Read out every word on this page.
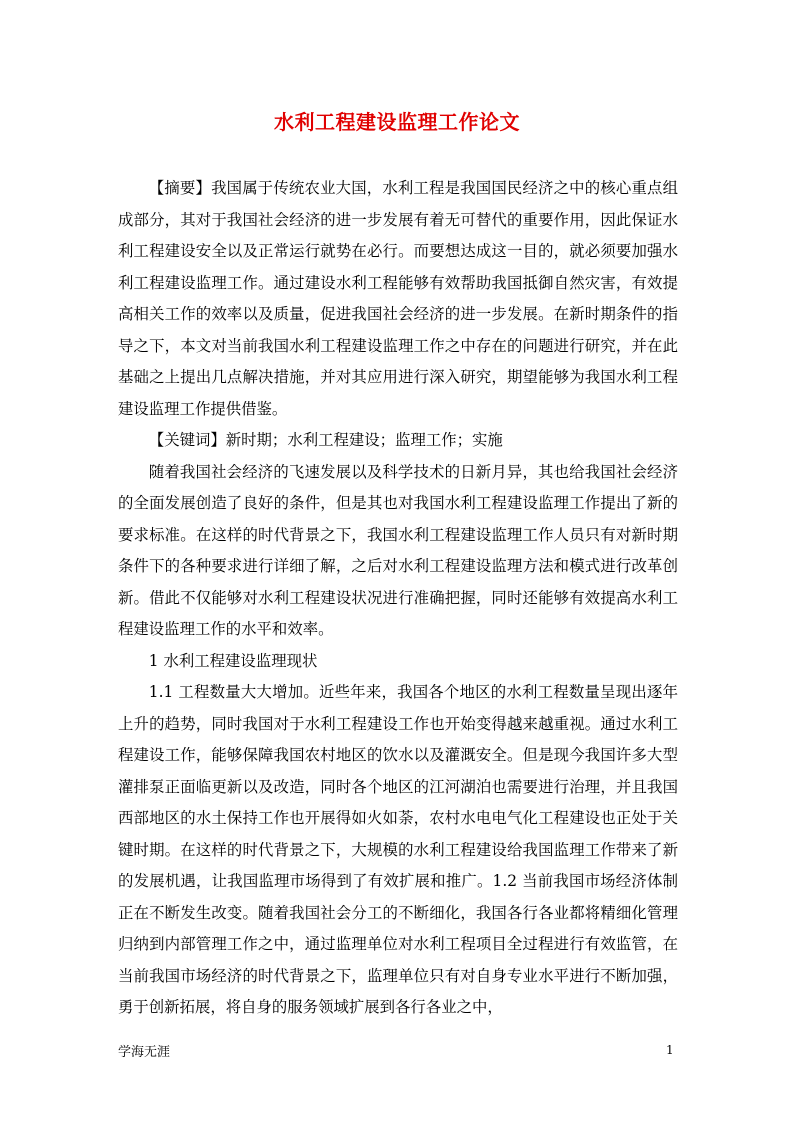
水利工程建设监理工作论文

【摘要】我国属于传统农业大国，水利工程是我国国民经济之中的核心重点组成部分，其对于我国社会经济的进一步发展有着无可替代的重要作用，因此保证水利工程建设安全以及正常运行就势在必行。而要想达成这一目的，就必须要加强水利工程建设监理工作。通过建设水利工程能够有效帮助我国抵御自然灾害，有效提高相关工作的效率以及质量，促进我国社会经济的进一步发展。在新时期条件的指导之下，本文对当前我国水利工程建设监理工作之中存在的问题进行研究，并在此基础之上提出几点解决措施，并对其应用进行深入研究，期望能够为我国水利工程建设监理工作提供借鉴。

【关键词】新时期；水利工程建设；监理工作；实施

随着我国社会经济的飞速发展以及科学技术的日新月异，其也给我国社会经济的全面发展创造了良好的条件，但是其也对我国水利工程建设监理工作提出了新的要求标准。在这样的时代背景之下，我国水利工程建设监理工作人员只有对新时期条件下的各种要求进行详细了解，之后对水利工程建设监理方法和模式进行改革创新。借此不仅能够对水利工程建设状况进行准确把握，同时还能够有效提高水利工程建设监理工作的水平和效率。

1 水利工程建设监理现状

1.1 工程数量大大增加。近些年来，我国各个地区的水利工程数量呈现出逐年上升的趋势，同时我国对于水利工程建设工作也开始变得越来越重视。通过水利工程建设工作，能够保障我国农村地区的饮水以及灌溉安全。但是现今我国许多大型灌排泵正面临更新以及改造，同时各个地区的江河湖泊也需要进行治理，并且我国西部地区的水土保持工作也开展得如火如荼，农村水电电气化工程建设也正处于关键时期。在这样的时代背景之下，大规模的水利工程建设给我国监理工作带来了新的发展机遇，让我国监理市场得到了有效扩展和推广。1.2 当前我国市场经济体制正在不断发生改变。随着我国社会分工的不断细化，我国各行各业都将精细化管理归纳到内部管理工作之中，通过监理单位对水利工程项目全过程进行有效监管，在当前我国市场经济的时代背景之下，监理单位只有对自身专业水平进行不断加强，勇于创新拓展，将自身的服务领域扩展到各行各业之中，

学海无涯	1
